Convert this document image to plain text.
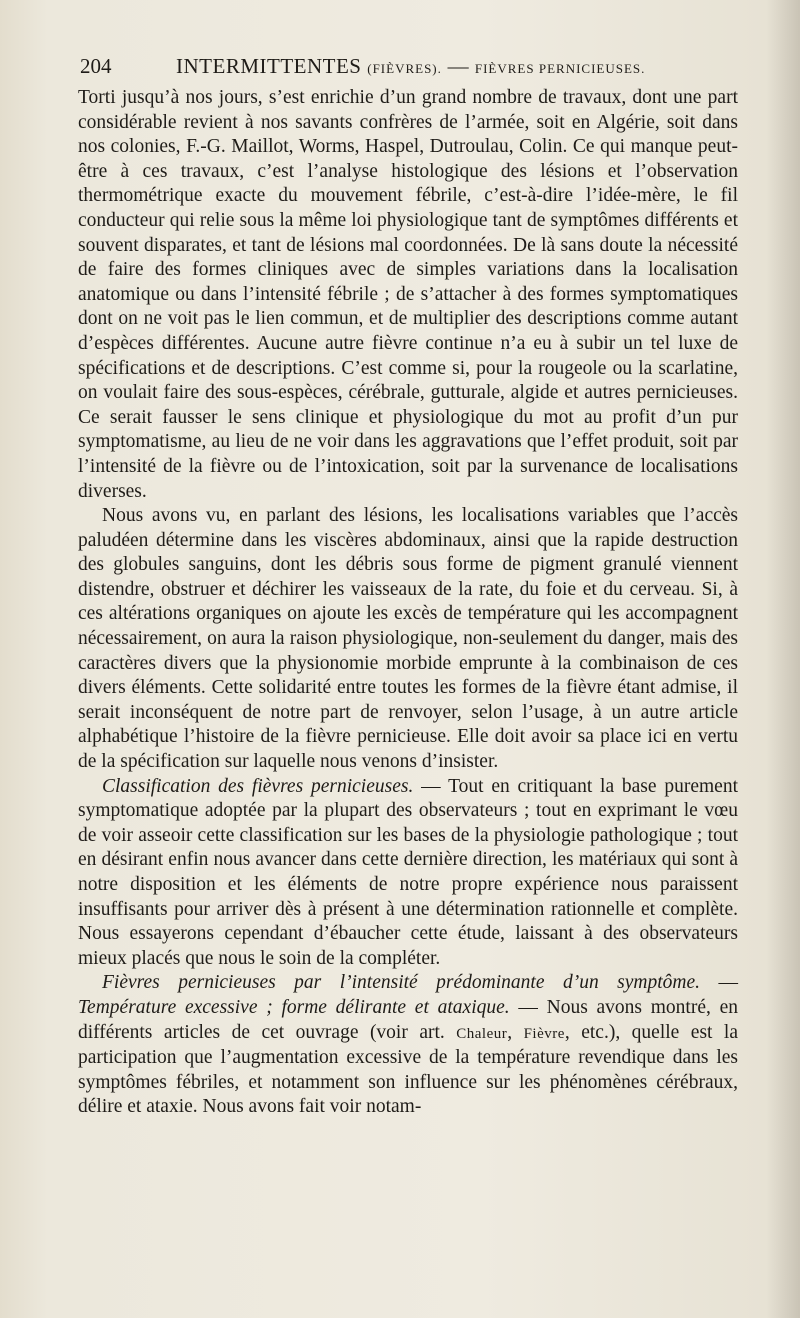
204	INTERMITTENTES (FIÈVRES). — FIÈVRES PERNICIEUSES.

Torti jusqu’à nos jours, s’est enrichie d’un grand nombre de travaux, dont une part considérable revient à nos savants confrères de l’armée, soit en Algérie, soit dans nos colonies, F.-G. Maillot, Worms, Haspel, Dutroulau, Colin. Ce qui manque peut-être à ces travaux, c’est l’analyse histologique des lésions et l’observation thermométrique exacte du mouvement fébrile, c’est-à-dire l’idée-mère, le fil conducteur qui relie sous la même loi physiologique tant de symptômes différents et souvent disparates, et tant de lésions mal coordonnées. De là sans doute la nécessité de faire des formes cliniques avec de simples variations dans la localisation anatomique ou dans l’intensité fébrile ; de s’attacher à des formes symptomatiques dont on ne voit pas le lien commun, et de multiplier des descriptions comme autant d’espèces différentes. Aucune autre fièvre continue n’a eu à subir un tel luxe de spécifications et de descriptions. C’est comme si, pour la rougeole ou la scarlatine, on voulait faire des sous-espèces, cérébrale, gutturale, algide et autres pernicieuses. Ce serait fausser le sens clinique et physiologique du mot au profit d’un pur symptomatisme, au lieu de ne voir dans les aggravations que l’effet produit, soit par l’intensité de la fièvre ou de l’intoxication, soit par la survenance de localisations diverses.

Nous avons vu, en parlant des lésions, les localisations variables que l’accès paludéen détermine dans les viscères abdominaux, ainsi que la rapide destruction des globules sanguins, dont les débris sous forme de pigment granulé viennent distendre, obstruer et déchirer les vaisseaux de la rate, du foie et du cerveau. Si, à ces altérations organiques on ajoute les excès de température qui les accompagnent nécessairement, on aura la raison physiologique, non-seulement du danger, mais des caractères divers que la physionomie morbide emprunte à la combinaison de ces divers éléments. Cette solidarité entre toutes les formes de la fièvre étant admise, il serait inconséquent de notre part de renvoyer, selon l’usage, à un autre article alphabétique l’histoire de la fièvre pernicieuse. Elle doit avoir sa place ici en vertu de la spécification sur laquelle nous venons d’insister.

Classification des fièvres pernicieuses. — Tout en critiquant la base purement symptomatique adoptée par la plupart des observateurs ; tout en exprimant le vœu de voir asseoir cette classification sur les bases de la physiologie pathologique ; tout en désirant enfin nous avancer dans cette dernière direction, les matériaux qui sont à notre disposition et les éléments de notre propre expérience nous paraissent insuffisants pour arriver dès à présent à une détermination rationnelle et complète. Nous essayerons cependant d’ébaucher cette étude, laissant à des observateurs mieux placés que nous le soin de la compléter.

Fièvres pernicieuses par l’intensité prédominante d’un symptôme. — Température excessive ; forme délirante et ataxique. — Nous avons montré, en différents articles de cet ouvrage (voir art. Chaleur, Fièvre, etc.), quelle est la participation que l’augmentation excessive de la température revendique dans les symptômes fébriles, et notamment son influence sur les phénomènes cérébraux, délire et ataxie. Nous avons fait voir notam-
